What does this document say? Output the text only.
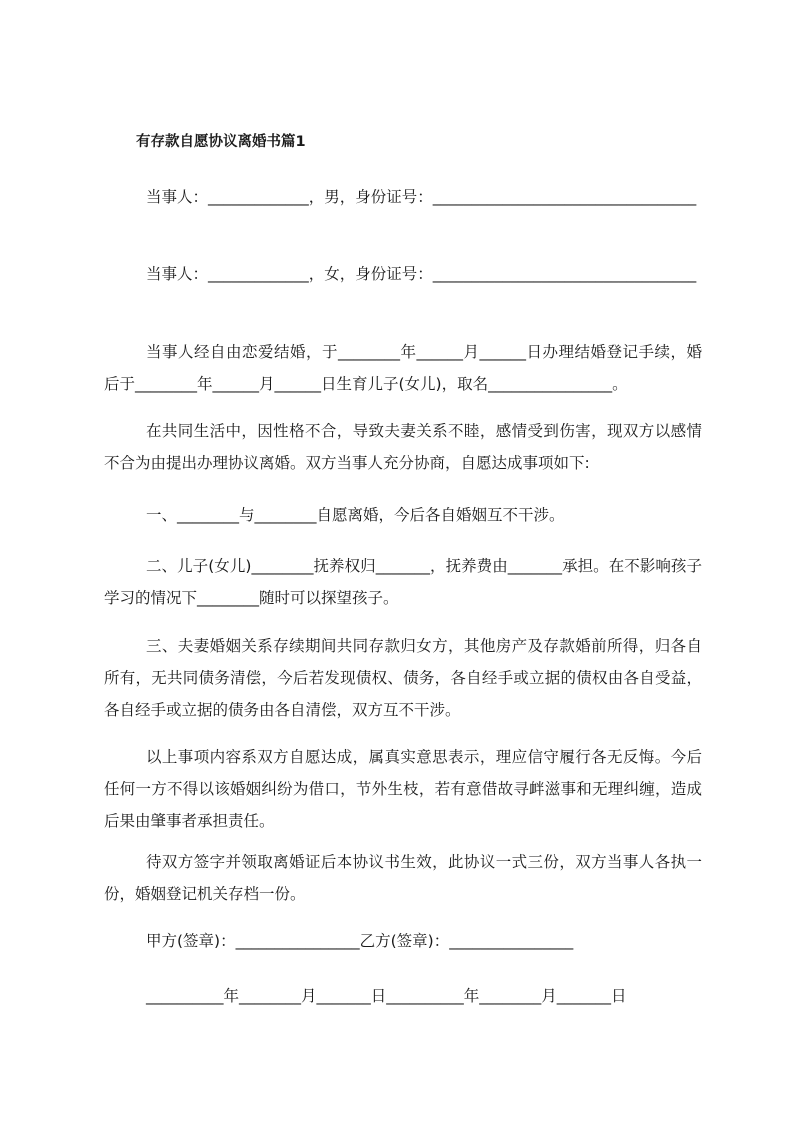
有存款自愿协议离婚书篇1

当事人：_____________，男，身份证号：__________________________________

当事人：_____________，女，身份证号：__________________________________

当事人经自由恋爱结婚，于________年______月______日办理结婚登记手续，婚后于________年______月______日生育儿子(女儿)，取名________________。

在共同生活中，因性格不合，导致夫妻关系不睦，感情受到伤害，现双方以感情不合为由提出办理协议离婚。双方当事人充分协商，自愿达成事项如下:

一、________与________自愿离婚，今后各自婚姻互不干涉。

二、儿子(女儿)________抚养权归_______，抚养费由_______承担。在不影响孩子学习的情况下________随时可以探望孩子。

三、夫妻婚姻关系存续期间共同存款归女方，其他房产及存款婚前所得，归各自所有，无共同债务清偿，今后若发现债权、债务，各自经手或立据的债权由各自受益，各自经手或立据的债务由各自清偿，双方互不干涉。

以上事项内容系双方自愿达成，属真实意思表示，理应信守履行各无反悔。今后任何一方不得以该婚姻纠纷为借口，节外生枝，若有意借故寻衅滋事和无理纠缠，造成后果由肇事者承担责任。

待双方签字并领取离婚证后本协议书生效，此协议一式三份，双方当事人各执一份，婚姻登记机关存档一份。

甲方(签章)：________________乙方(签章)：________________

__________年________月_______日__________年________月_______日
